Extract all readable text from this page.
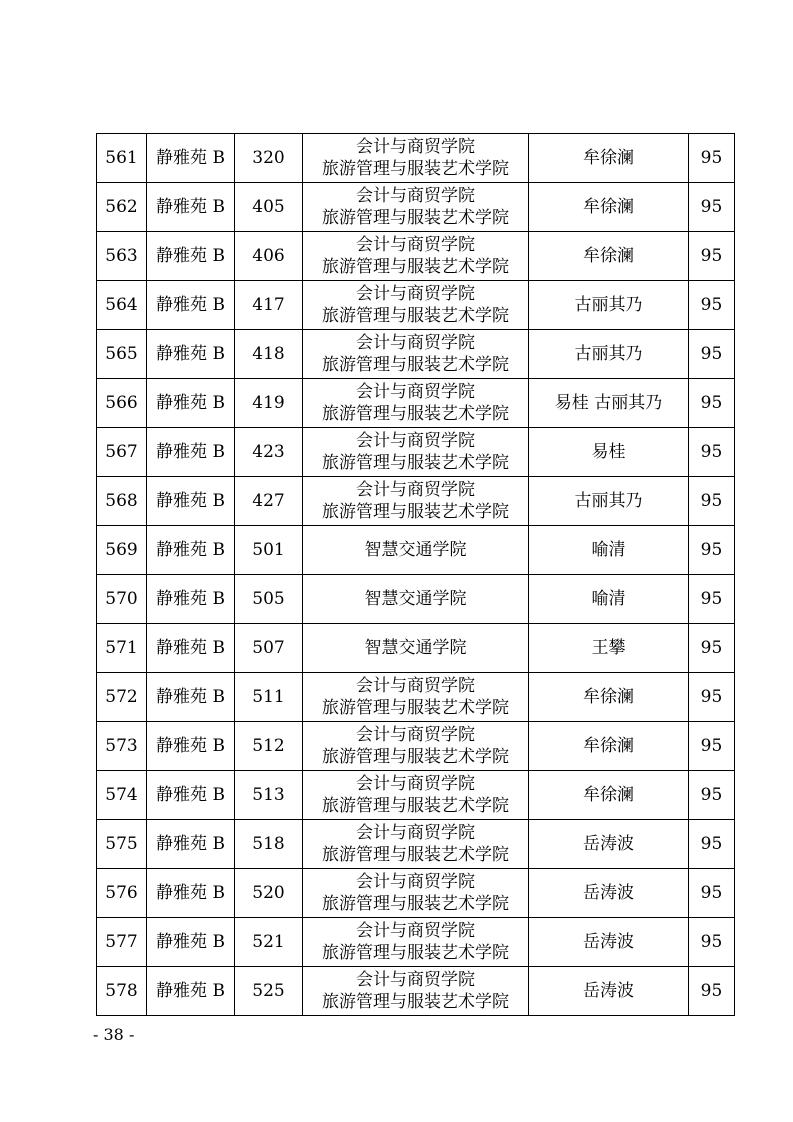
561	静雅苑 B	320	会计与商贸学院
旅游管理与服装艺术学院	牟徐澜	95
562	静雅苑 B	405	会计与商贸学院
旅游管理与服装艺术学院	牟徐澜	95
563	静雅苑 B	406	会计与商贸学院
旅游管理与服装艺术学院	牟徐澜	95
564	静雅苑 B	417	会计与商贸学院
旅游管理与服装艺术学院	古丽其乃	95
565	静雅苑 B	418	会计与商贸学院
旅游管理与服装艺术学院	古丽其乃	95
566	静雅苑 B	419	会计与商贸学院
旅游管理与服装艺术学院	易桂 古丽其乃	95
567	静雅苑 B	423	会计与商贸学院
旅游管理与服装艺术学院	易桂	95
568	静雅苑 B	427	会计与商贸学院
旅游管理与服装艺术学院	古丽其乃	95
569	静雅苑 B	501	智慧交通学院	喻清	95
570	静雅苑 B	505	智慧交通学院	喻清	95
571	静雅苑 B	507	智慧交通学院	王攀	95
572	静雅苑 B	511	会计与商贸学院
旅游管理与服装艺术学院	牟徐澜	95
573	静雅苑 B	512	会计与商贸学院
旅游管理与服装艺术学院	牟徐澜	95
574	静雅苑 B	513	会计与商贸学院
旅游管理与服装艺术学院	牟徐澜	95
575	静雅苑 B	518	会计与商贸学院
旅游管理与服装艺术学院	岳涛波	95
576	静雅苑 B	520	会计与商贸学院
旅游管理与服装艺术学院	岳涛波	95
577	静雅苑 B	521	会计与商贸学院
旅游管理与服装艺术学院	岳涛波	95
578	静雅苑 B	525	会计与商贸学院
旅游管理与服装艺术学院	岳涛波	95
- 38 -
